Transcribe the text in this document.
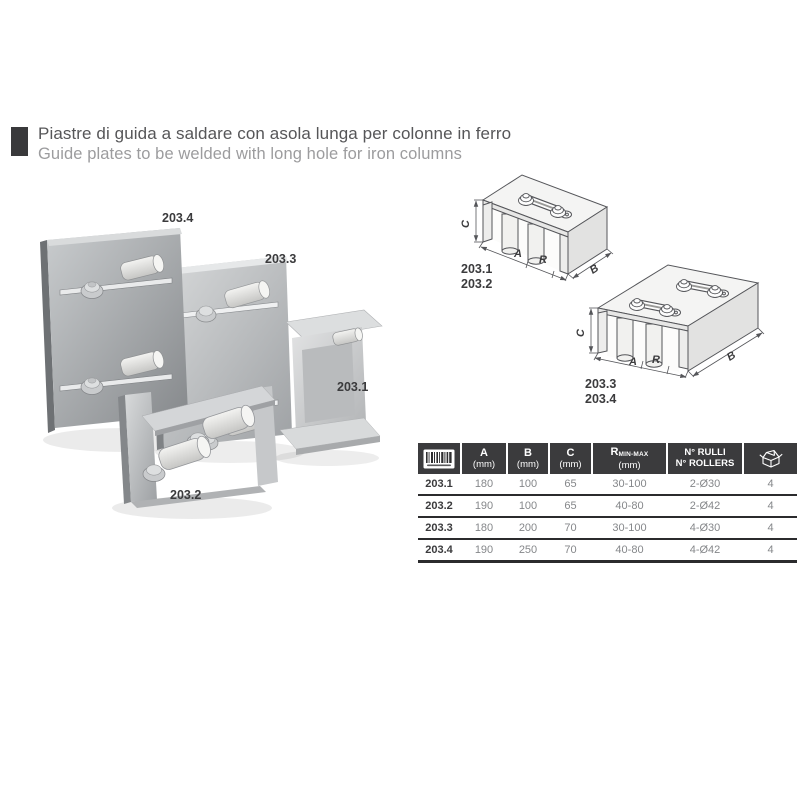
Piastre di guida a saldare con asola lunga per colonne in ferro
Guide plates to be welded with long hole for iron columns
203.4
203.3
203.1
203.2
C
A R
B
203.1
203.2
C
A R	B
203.3
203.4
A
(mm)
B
(mm)
C
(mm)
$R_{MIN-MAX}$
(mm)
N° RULLI
N° ROLLERS
203.1	180	100	65	30-100	2-Ø30	4
203.2	190	100	65	40-80	2-Ø42	4
203.3	180	200	70	30-100	4-Ø30	4
203.4	190	250	70	40-80	4-Ø42	4
